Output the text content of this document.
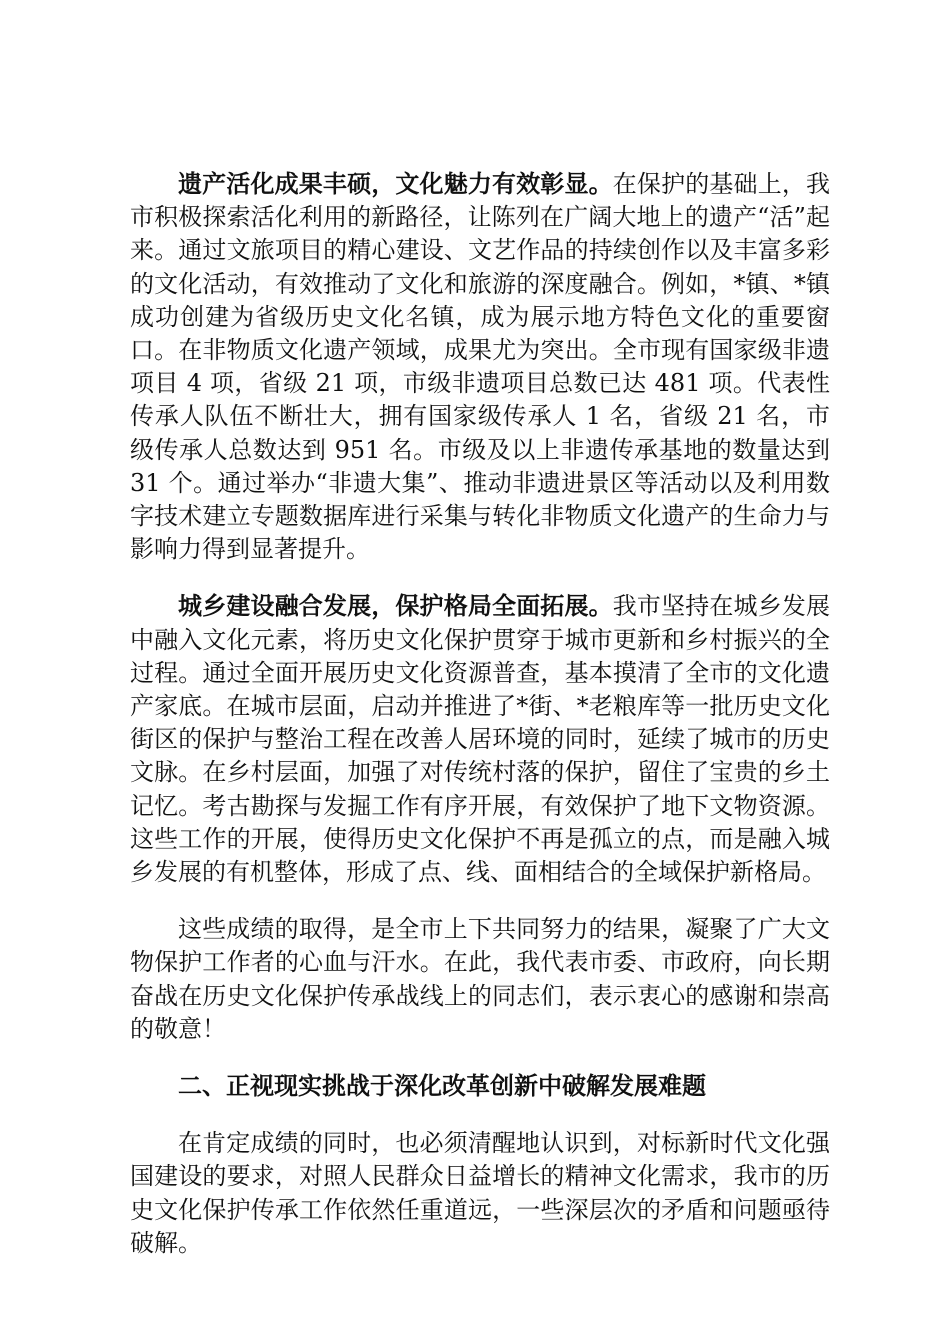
遗产活化成果丰硕，文化魅力有效彰显。在保护的基础上，我市积极探索活化利用的新路径，让陈列在广阔大地上的遗产“活”起来。通过文旅项目的精心建设、文艺作品的持续创作以及丰富多彩的文化活动，有效推动了文化和旅游的深度融合。例如，*镇、*镇成功创建为省级历史文化名镇，成为展示地方特色文化的重要窗口。在非物质文化遗产领域，成果尤为突出。全市现有国家级非遗项目 4 项，省级 21 项，市级非遗项目总数已达 481 项。代表性传承人队伍不断壮大，拥有国家级传承人 1 名，省级 21 名，市级传承人总数达到 951 名。市级及以上非遗传承基地的数量达到 31 个。通过举办“非遗大集”、推动非遗进景区等活动以及利用数字技术建立专题数据库进行采集与转化非物质文化遗产的生命力与影响力得到显著提升。

城乡建设融合发展，保护格局全面拓展。我市坚持在城乡发展中融入文化元素，将历史文化保护贯穿于城市更新和乡村振兴的全过程。通过全面开展历史文化资源普查，基本摸清了全市的文化遗产家底。在城市层面，启动并推进了*街、*老粮库等一批历史文化街区的保护与整治工程在改善人居环境的同时，延续了城市的历史文脉。在乡村层面，加强了对传统村落的保护，留住了宝贵的乡土记忆。考古勘探与发掘工作有序开展，有效保护了地下文物资源。这些工作的开展，使得历史文化保护不再是孤立的点，而是融入城乡发展的有机整体，形成了点、线、面相结合的全域保护新格局。

这些成绩的取得，是全市上下共同努力的结果，凝聚了广大文物保护工作者的心血与汗水。在此，我代表市委、市政府，向长期奋战在历史文化保护传承战线上的同志们，表示衷心的感谢和崇高的敬意！

二、正视现实挑战于深化改革创新中破解发展难题

在肯定成绩的同时，也必须清醒地认识到，对标新时代文化强国建设的要求，对照人民群众日益增长的精神文化需求，我市的历史文化保护传承工作依然任重道远，一些深层次的矛盾和问题亟待破解。
